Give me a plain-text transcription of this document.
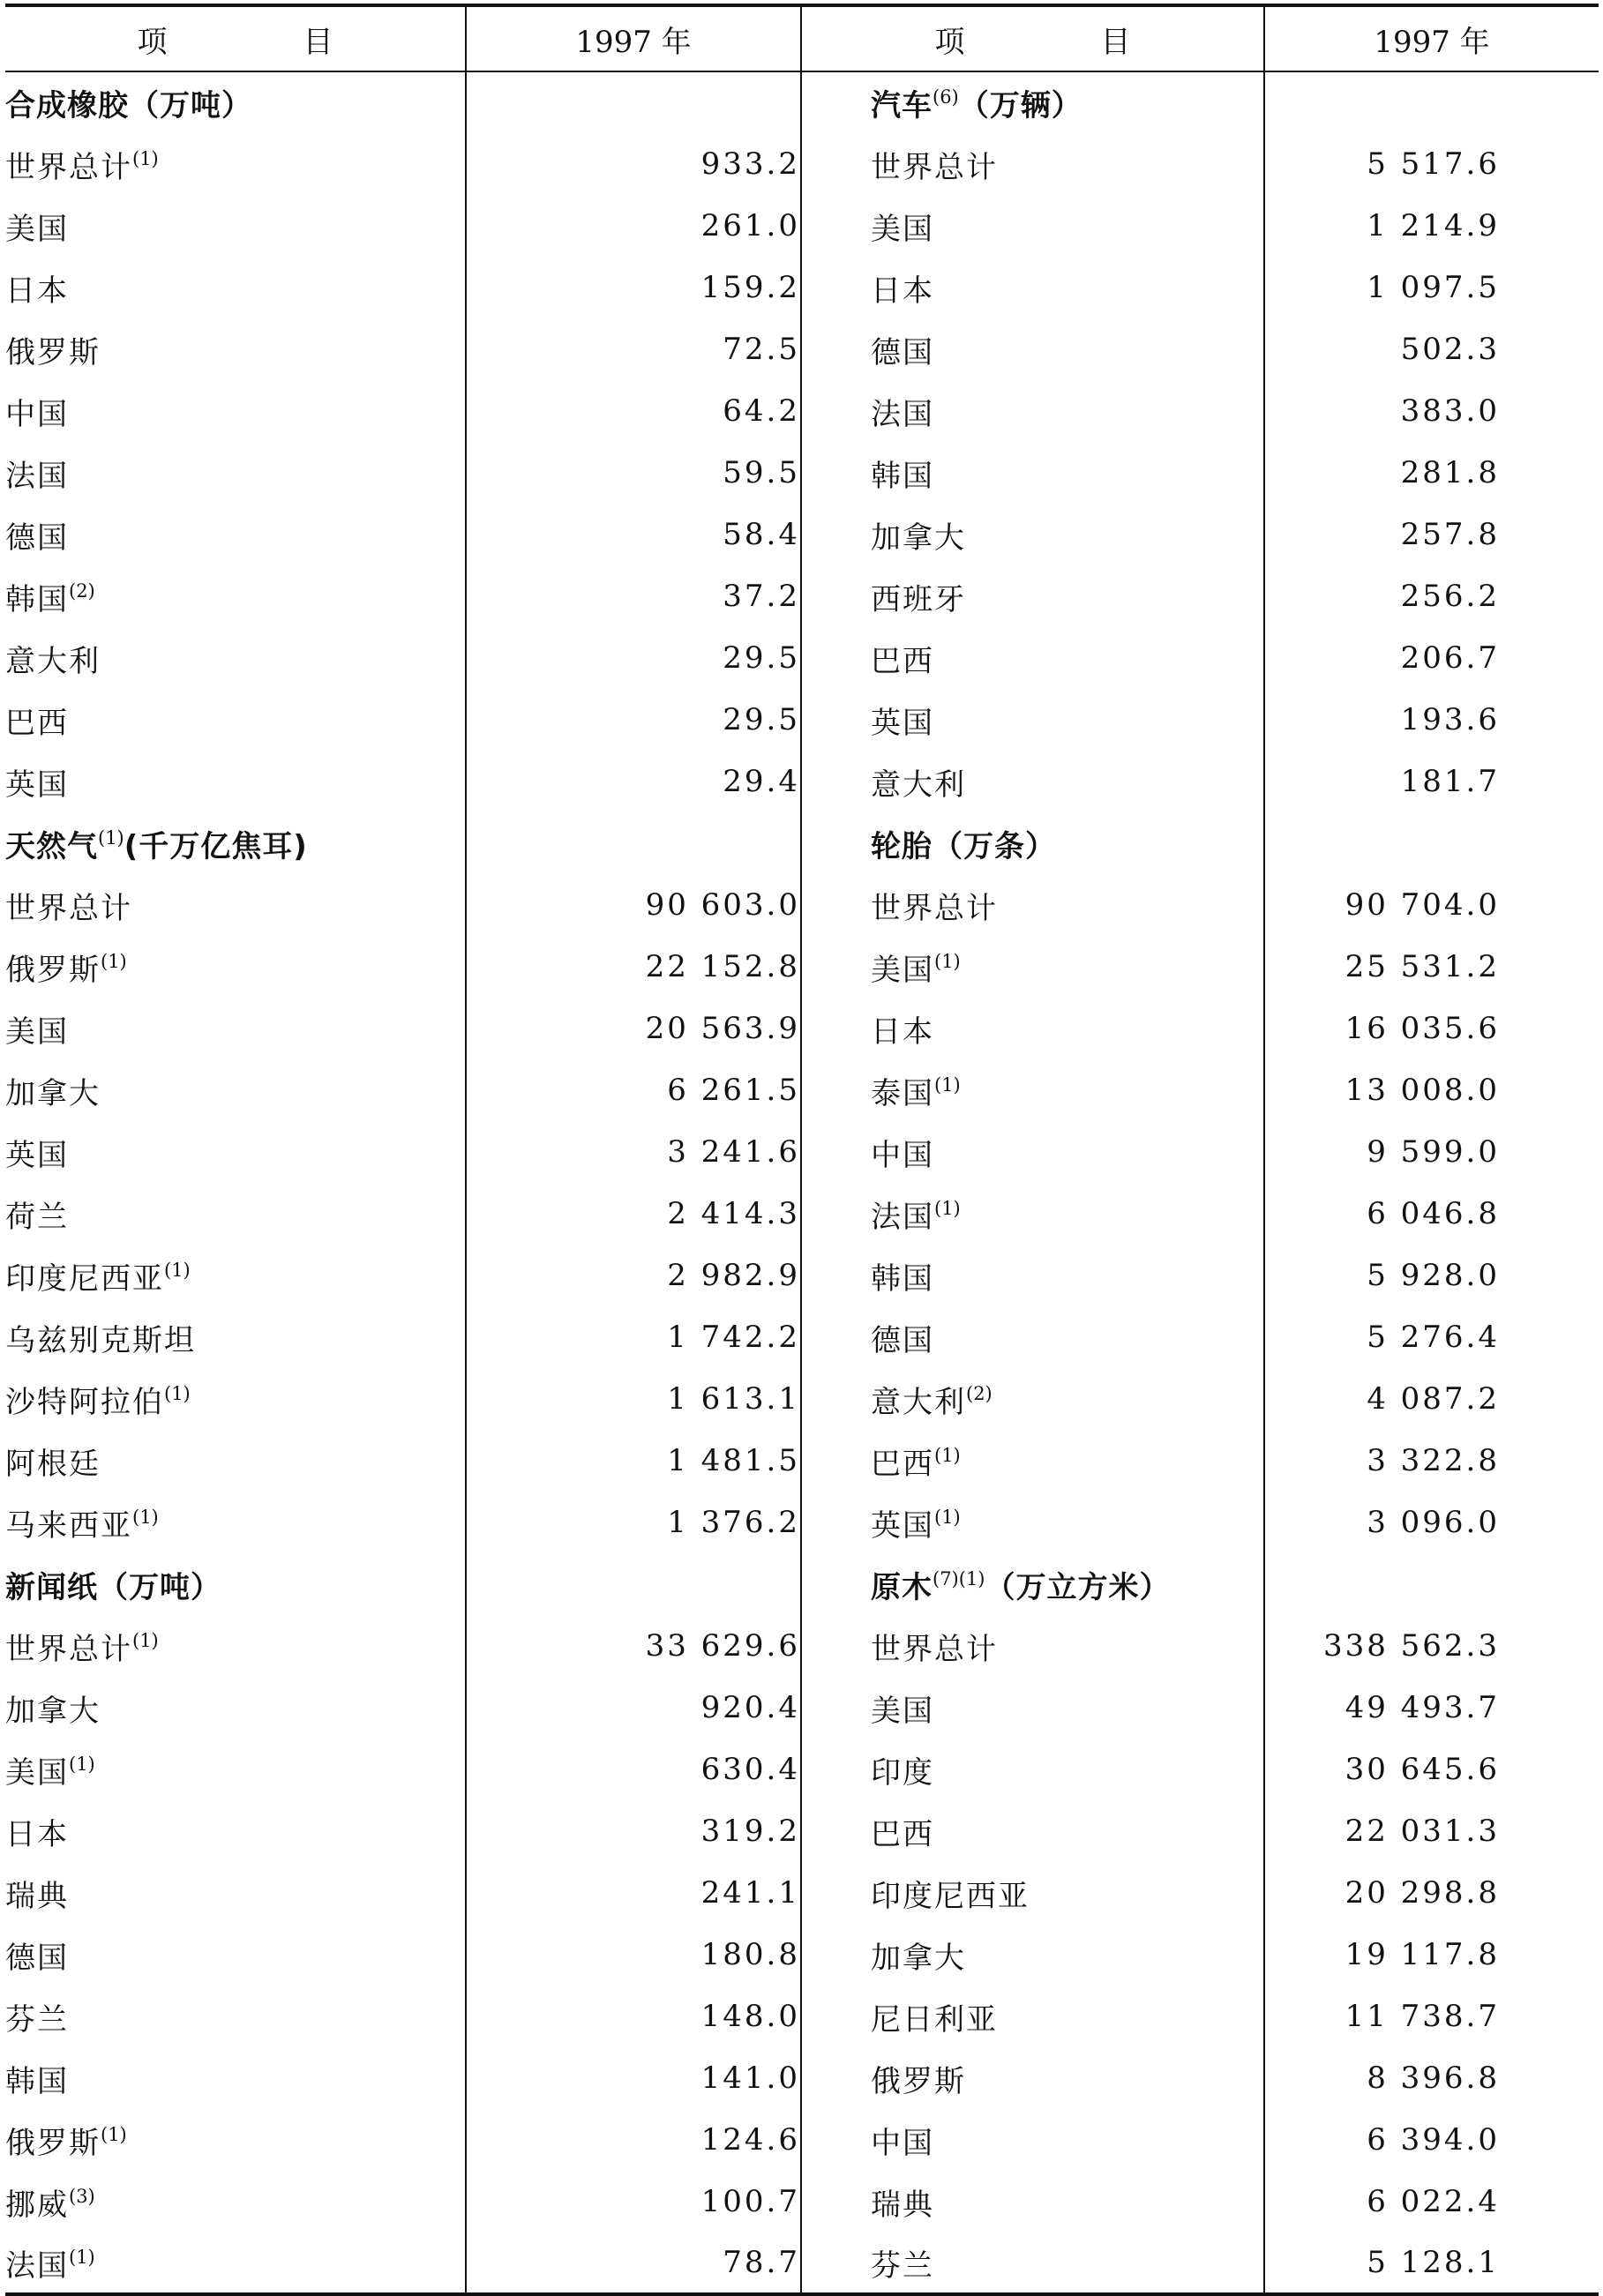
项　目	1997 年	项　目	1997 年
合成橡胶（万吨）		汽车$^{(6)}$（万辆）	
世界总计$^{(1)}$	933.2	世界总计	5 517.6
美国	261.0	美国	1 214.9
日本	159.2	日本	1 097.5
俄罗斯	72.5	德国	502.3
中国	64.2	法国	383.0
法国	59.5	韩国	281.8
德国	58.4	加拿大	257.8
韩国$^{(2)}$	37.2	西班牙	256.2
意大利	29.5	巴西	206.7
巴西	29.5	英国	193.6
英国	29.4	意大利	181.7
天然气$^{(1)}$(千万亿焦耳)		轮胎（万条）	
世界总计	90 603.0	世界总计	90 704.0
俄罗斯$^{(1)}$	22 152.8	美国$^{(1)}$	25 531.2
美国	20 563.9	日本	16 035.6
加拿大	6 261.5	泰国$^{(1)}$	13 008.0
英国	3 241.6	中国	9 599.0
荷兰	2 414.3	法国$^{(1)}$	6 046.8
印度尼西亚$^{(1)}$	2 982.9	韩国	5 928.0
乌兹别克斯坦	1 742.2	德国	5 276.4
沙特阿拉伯$^{(1)}$	1 613.1	意大利$^{(2)}$	4 087.2
阿根廷	1 481.5	巴西$^{(1)}$	3 322.8
马来西亚$^{(1)}$	1 376.2	英国$^{(1)}$	3 096.0
新闻纸（万吨）		原木$^{(7)(1)}$（万立方米）	
世界总计$^{(1)}$	33 629.6	世界总计	338 562.3
加拿大	920.4	美国	49 493.7
美国$^{(1)}$	630.4	印度	30 645.6
日本	319.2	巴西	22 031.3
瑞典	241.1	印度尼西亚	20 298.8
德国	180.8	加拿大	19 117.8
芬兰	148.0	尼日利亚	11 738.7
韩国	141.0	俄罗斯	8 396.8
俄罗斯$^{(1)}$	124.6	中国	6 394.0
挪威$^{(3)}$	100.7	瑞典	6 022.4
法国$^{(1)}$	78.7	芬兰	5 128.1
